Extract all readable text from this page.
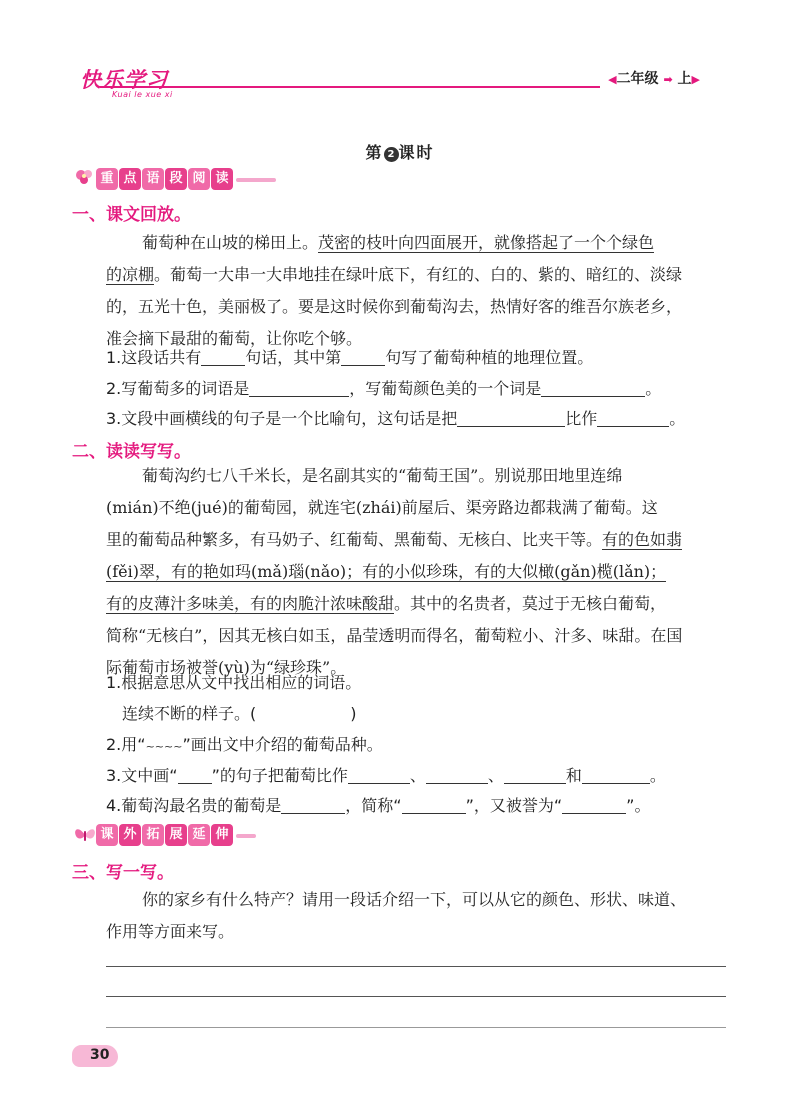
快乐学习
Kuai le xue xi
◀二年级 ➡ 上▶
第 2 课时
重 点 语 段 阅 读
一、课文回放。
葡萄种在山坡的梯田上。茂密的枝叶向四面展开，就像搭起了一个个绿色
的凉棚。葡萄一大串一大串地挂在绿叶底下，有红的、白的、紫的、暗红的、淡绿
的，五光十色，美丽极了。要是这时候你到葡萄沟去，热情好客的维吾尔族老乡，
准会摘下最甜的葡萄，让你吃个够。
1.这段话共有	句话，其中第	句写了葡萄种植的地理位置。
2.写葡萄多的词语是	，写葡萄颜色美的一个词是	。
3.文段中画横线的句子是一个比喻句，这句话是把	比作	。
二、读读写写。
葡萄沟约七八千米长，是名副其实的“葡萄王国”。别说那田地里连绵
(mián)不绝(jué)的葡萄园，就连宅(zhái)前屋后、渠旁路边都栽满了葡萄。这
里的葡萄品种繁多，有马奶子、红葡萄、黑葡萄、无核白、比夹干等。有的色如翡
(fěi)翠，有的艳如玛(mǎ)瑙(nǎo)；有的小似珍珠，有的大似橄(gǎn)榄(lǎn)；
有的皮薄汁多味美，有的肉脆汁浓味酸甜。其中的名贵者，莫过于无核白葡萄，
简称“无核白”，因其无核白如玉，晶莹透明而得名，葡萄粒小、汁多、味甜。在国
际葡萄市场被誉(yù)为“绿珍珠”。
1.根据意思从文中找出相应的词语。
连续不断的样子。(	)
2.用“~~~~”画出文中介绍的葡萄品种。
3.文中画“ ”的句子把葡萄比作	、	、	和	。
4.葡萄沟最名贵的葡萄是	，简称“	”，又被誉为“	”。
课 外 拓 展 延 伸
三、写一写。
你的家乡有什么特产？请用一段话介绍一下，可以从它的颜色、形状、味道、
作用等方面来写。
30
